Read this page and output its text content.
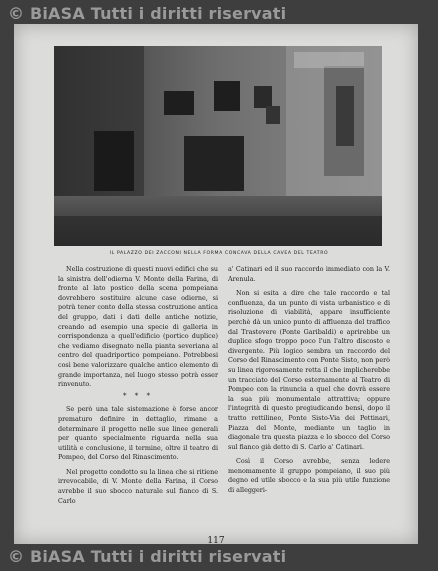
© BiASA Tutti i diritti riservati
IL PALAZZO DEI ZACCONI NELLA FORMA CONCAVA DELLA CAVEA DEL TEATRO

Nella costruzione di questi nuovi edifici che su la sinistra dell'odierna V. Monte della Farina, di fronte al lato postico della scena pompeiana dovrebbero sostituire alcune case odierne, si potrà tener conto della stessa costruzione antica del gruppo, dati i dati delle antiche notizie, creando ad esempio una specie di galleria in corrispondenza a quell'edificio (portico duplice) che vediamo disegnato nella pianta severiana al centro del quadriportico pompeiano. Potrebbesi così bene valorizzare qualche antico elemento di grande importanza, nel luogo stesso potrà esser rinvenuto.

* * *

Se però una tale sistemazione è forse ancor prematuro definire in dettaglio, rimane a determinare il progetto nelle sue linee generali per quanto specialmente riguarda nella sua utilità e conclusione, il termine, oltre il teatro di Pompeo, del Corso del Rinascimento.

Nel progetto condotto su la linea che si ritiene irrevocabile, di V. Monte della Farina, il Corso avrebbe il suo sbocco naturale sul fianco di S. Carlo

a' Catinari ed il suo raccordo immediato con la V. Arenula.

Non si esita a dire che tale raccordo e tal confluenza, da un punto di vista urbanistico e di risoluzione di viabilità, appare insufficiente perchè dà un unico punto di affluenza del traffico dal Trastevere (Ponte Garibaldi) e aprirebbe un duplice sfogo troppo poco l'un l'altro discosto e divergente. Più logico sembra un raccordo del Corso del Rinascimento con Ponte Sisto, non però su linea rigorosamente retta il che implicherebbe un tracciato del Corso esternamente al Teatro di Pompeo con la rinuncia a quel che dovrà essere la sua più monumentale attrattiva; oppure l'integrità di questo pregiudicando bensì, dopo il tratto rettilineo, Ponte Sisto-Via dei Pettinari, Piazza del Monte, mediante un taglio in diagonale tra questa piazza e lo sbocco del Corso sul fianco già detto di S. Carlo a' Catinari.

Così il Corso avrebbe, senza ledere menomamente il gruppo pompeiano, il suo più degno ed utile sbocco e la sua più utile funzione di alleggeri-

117
© BiASA Tutti i diritti riservati
